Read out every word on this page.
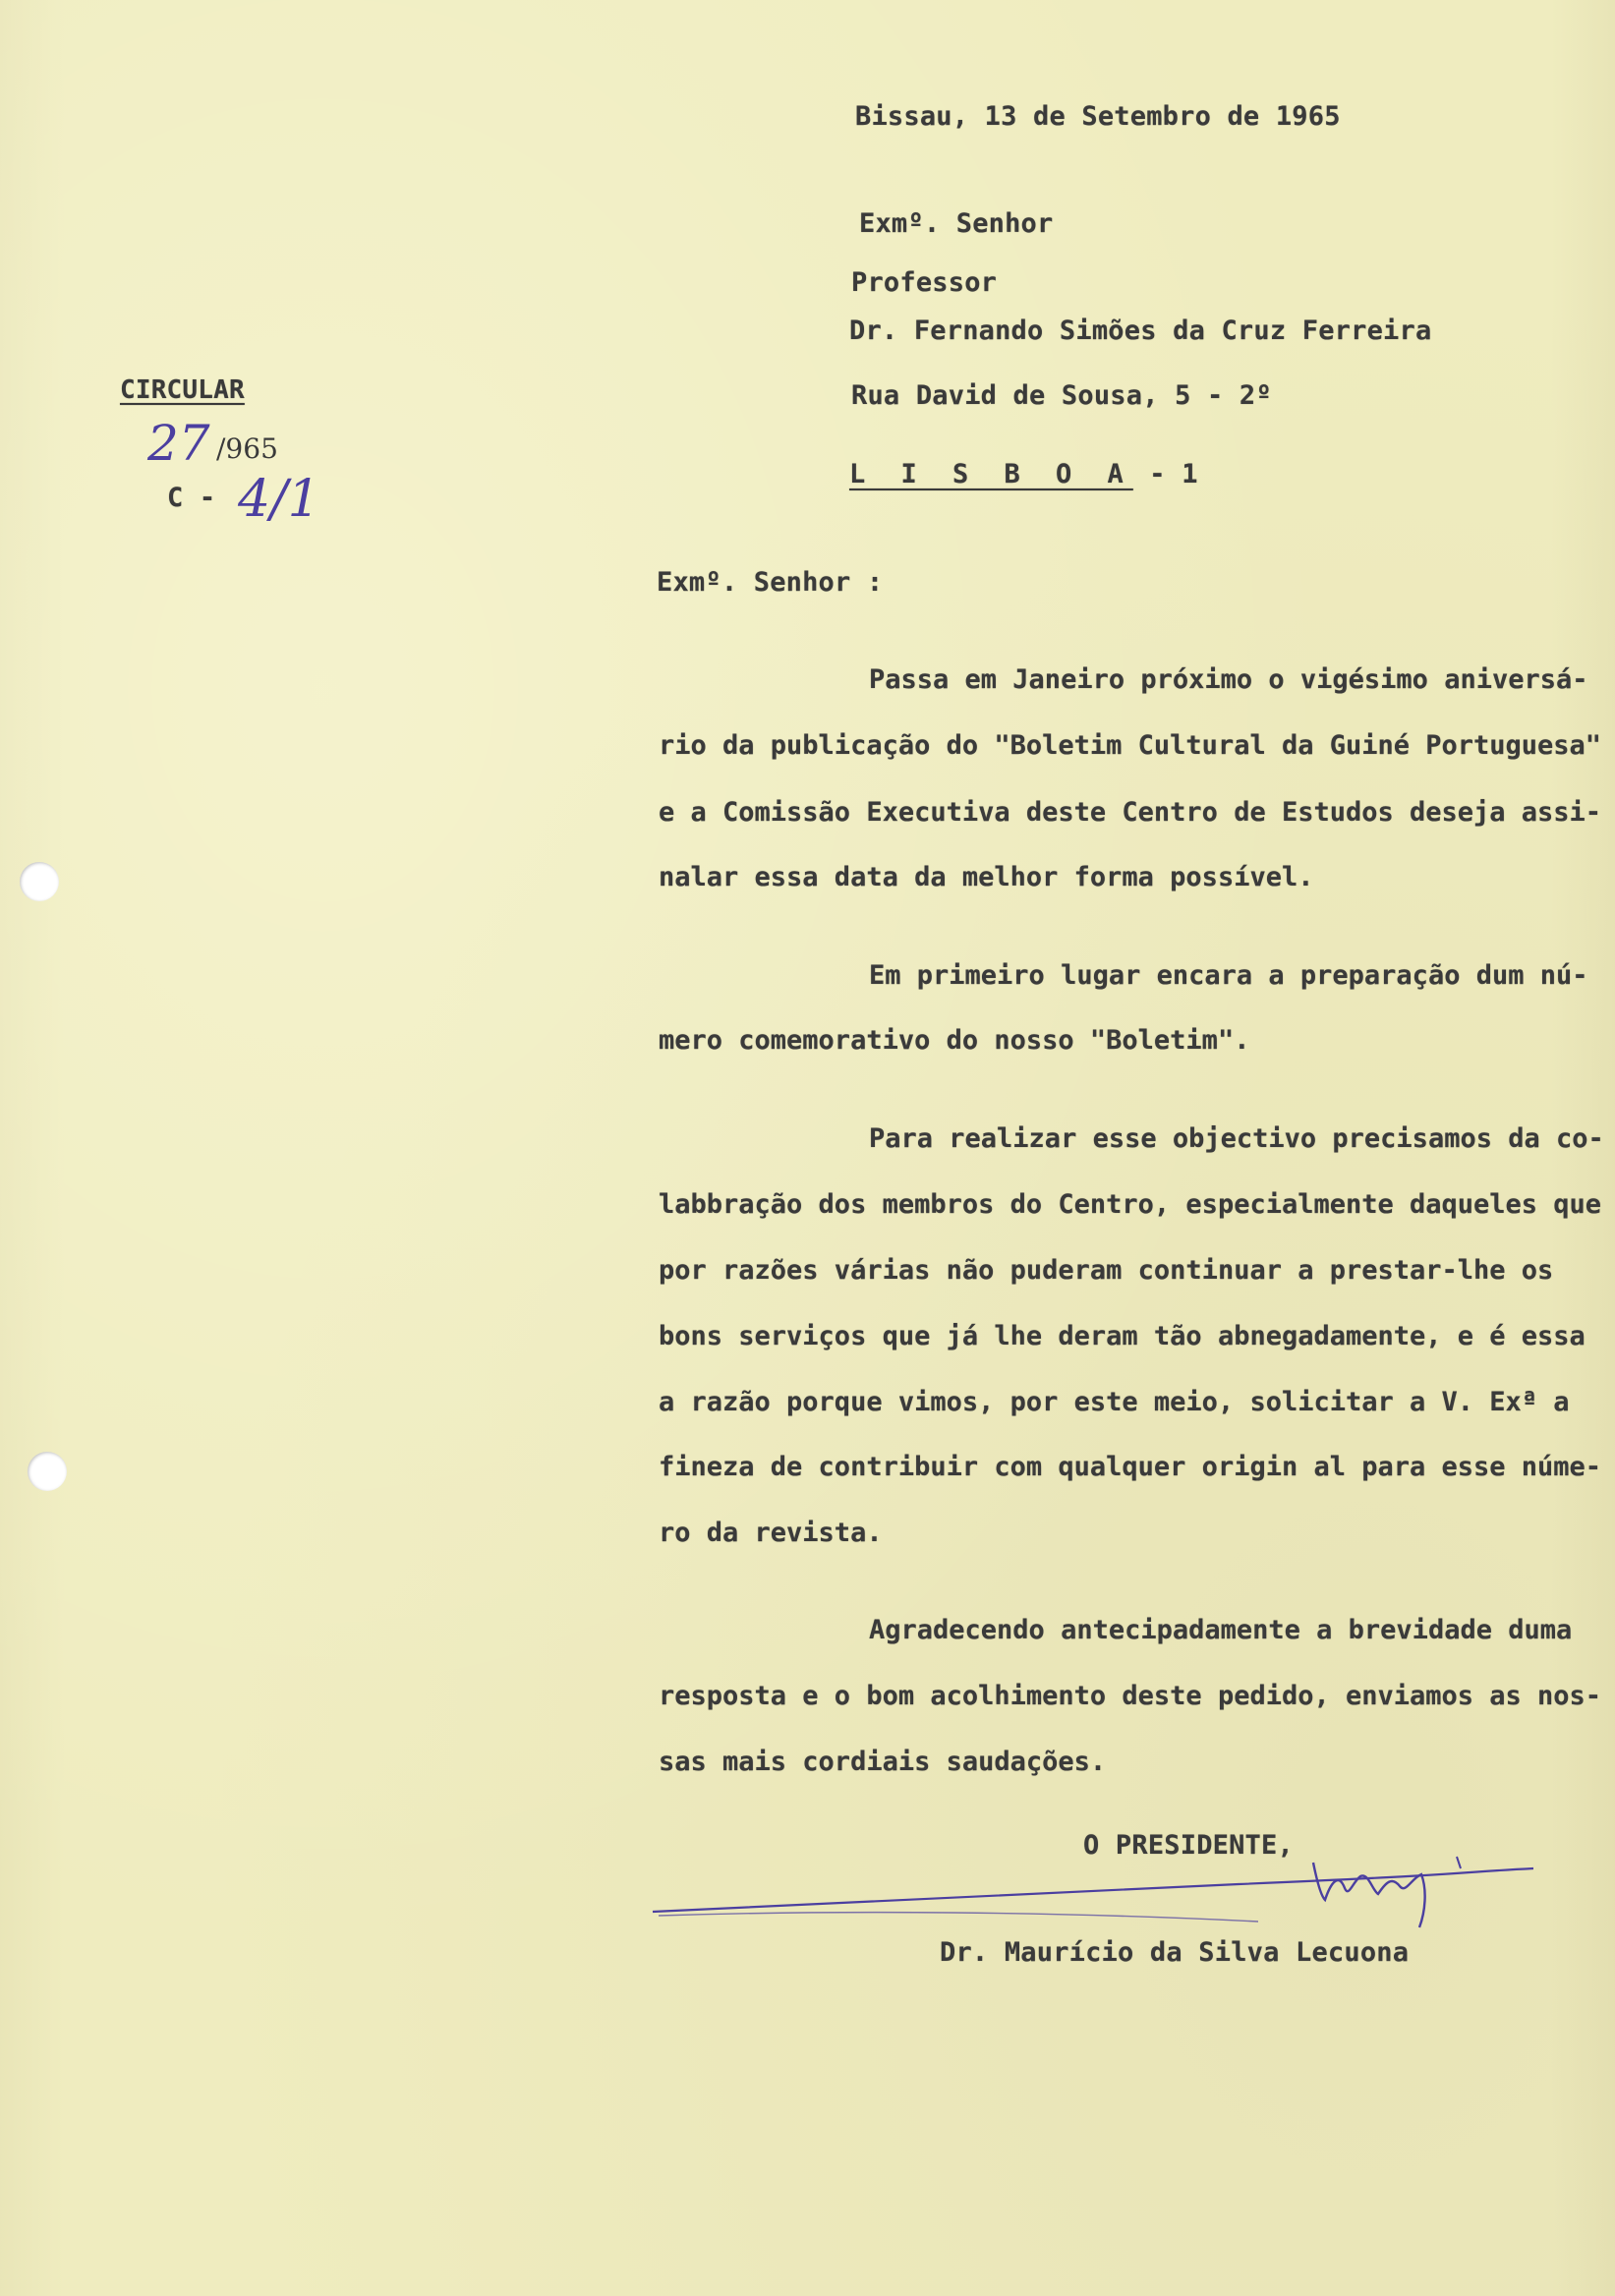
Bissau, 13 de Setembro de 1965
Exmº. Senhor
Professor
Dr. Fernando Simões da Cruz Ferreira
Rua David de Sousa, 5 - 2º
L I S B O A - 1
CIRCULAR
27 /965
C - 4/1
Exmº. Senhor :
Passa em Janeiro próximo o vigésimo aniversá-
rio da publicação do "Boletim Cultural da Guiné Portuguesa"
e a Comissão Executiva deste Centro de Estudos deseja assi-
nalar essa data da melhor forma possível.
Em primeiro lugar encara a preparação dum nú-
mero comemorativo do nosso "Boletim".
Para realizar esse objectivo precisamos da co-
labbração dos membros do Centro, especialmente daqueles que
por razões várias não puderam continuar a prestar-lhe os
bons serviços que já lhe deram tão abnegadamente, e é essa
a razão porque vimos, por este meio, solicitar a V. Exª a
fineza de contribuir com qualquer origin al para esse núme-
ro da revista.
Agradecendo antecipadamente a brevidade duma
resposta e o bom acolhimento deste pedido, enviamos as nos-
sas mais cordiais saudações.
O PRESIDENTE,
Dr. Maurício da Silva Lecuona
